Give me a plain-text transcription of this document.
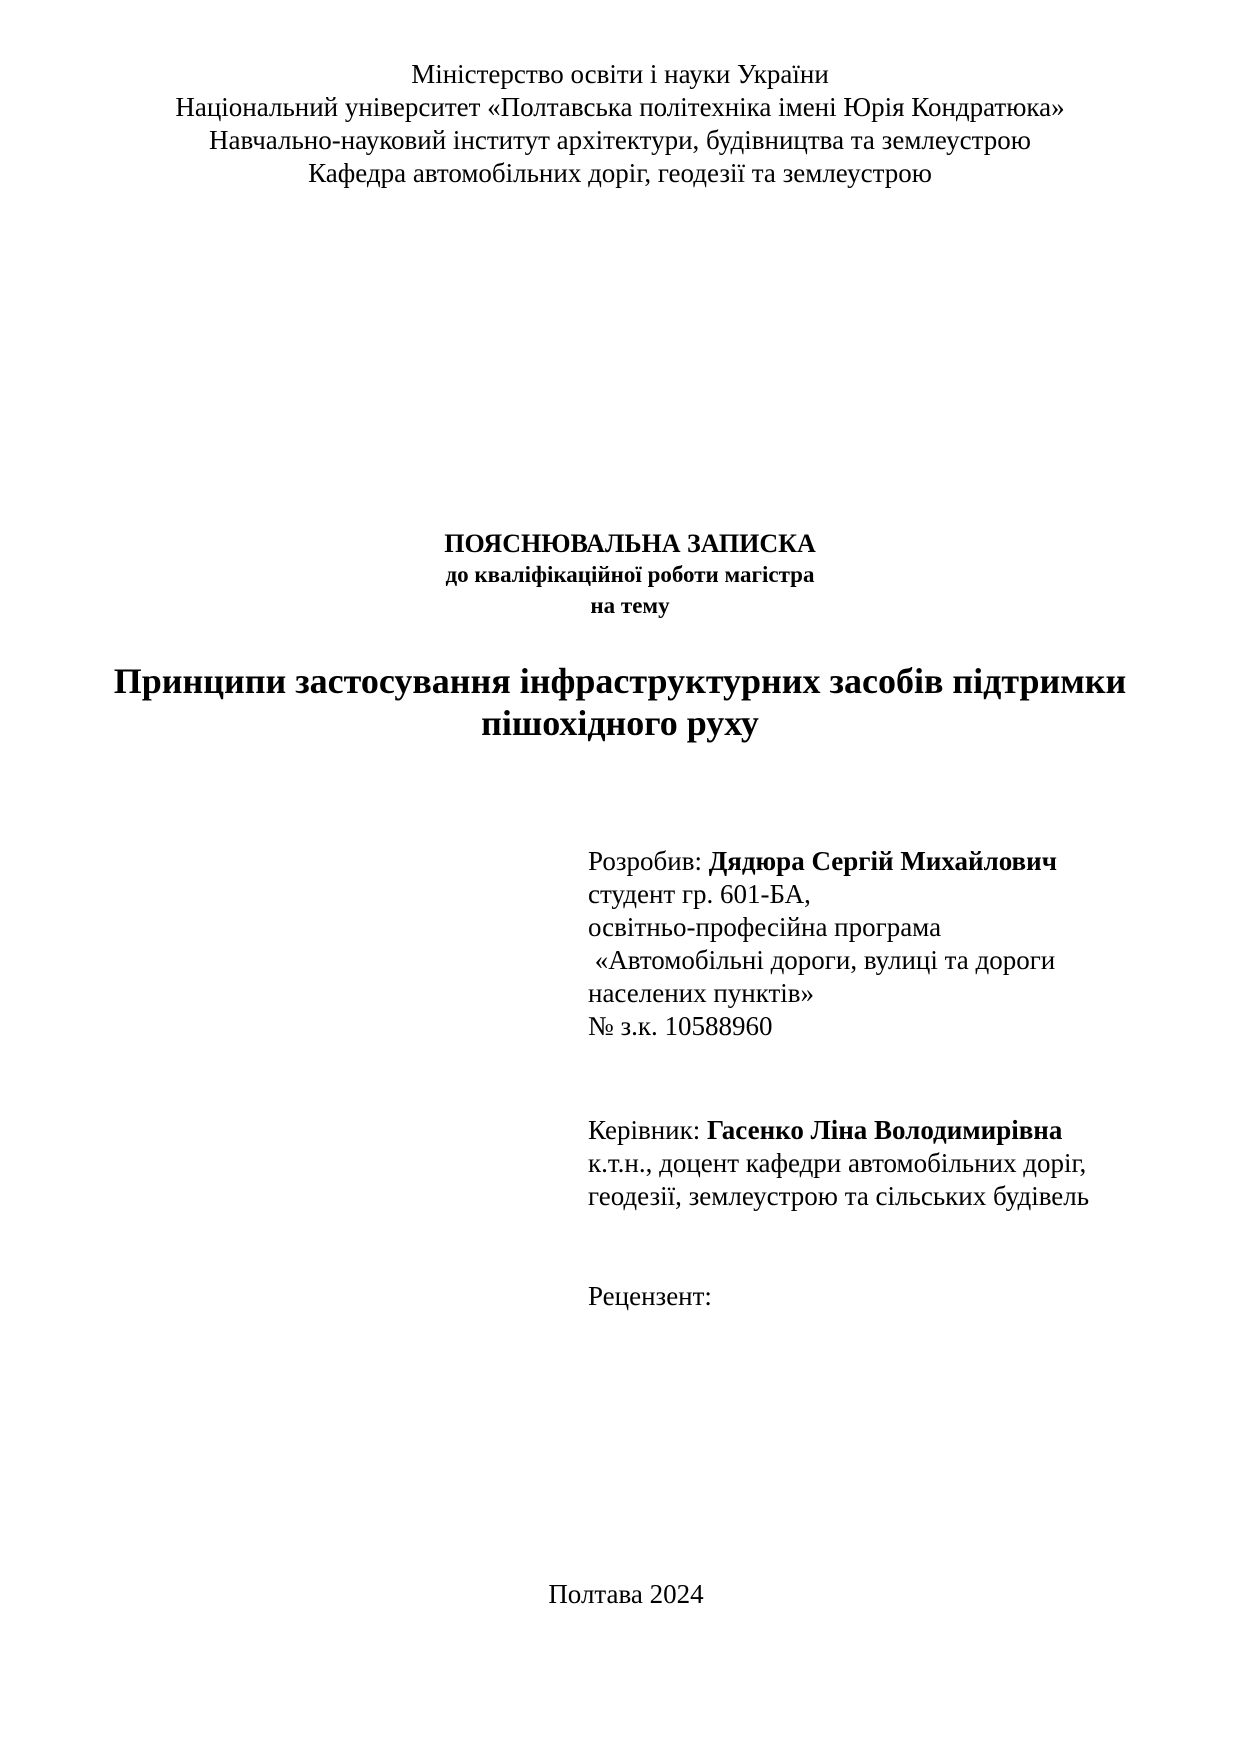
Міністерство освіти і науки України
Національний університет «Полтавська політехніка імені Юрія Кондратюка»
Навчально-науковий інститут архітектури, будівництва та землеустрою
Кафедра автомобільних доріг, геодезії та землеустрою
ПОЯСНЮВАЛЬНА ЗАПИСКА
до кваліфікаційної роботи магістра
на тему
Принципи застосування інфраструктурних засобів підтримки
пішохідного руху
Розробив: Дядюра Сергій Михайлович
студент гр. 601-БА,
освітньо-професійна програма
«Автомобільні дороги, вулиці та дороги
населених пунктів»
№ з.к. 10588960
Керівник: Гасенко Ліна Володимирівна
к.т.н., доцент кафедри автомобільних доріг,
геодезії, землеустрою та сільських будівель
Рецензент:
Полтава 2024
